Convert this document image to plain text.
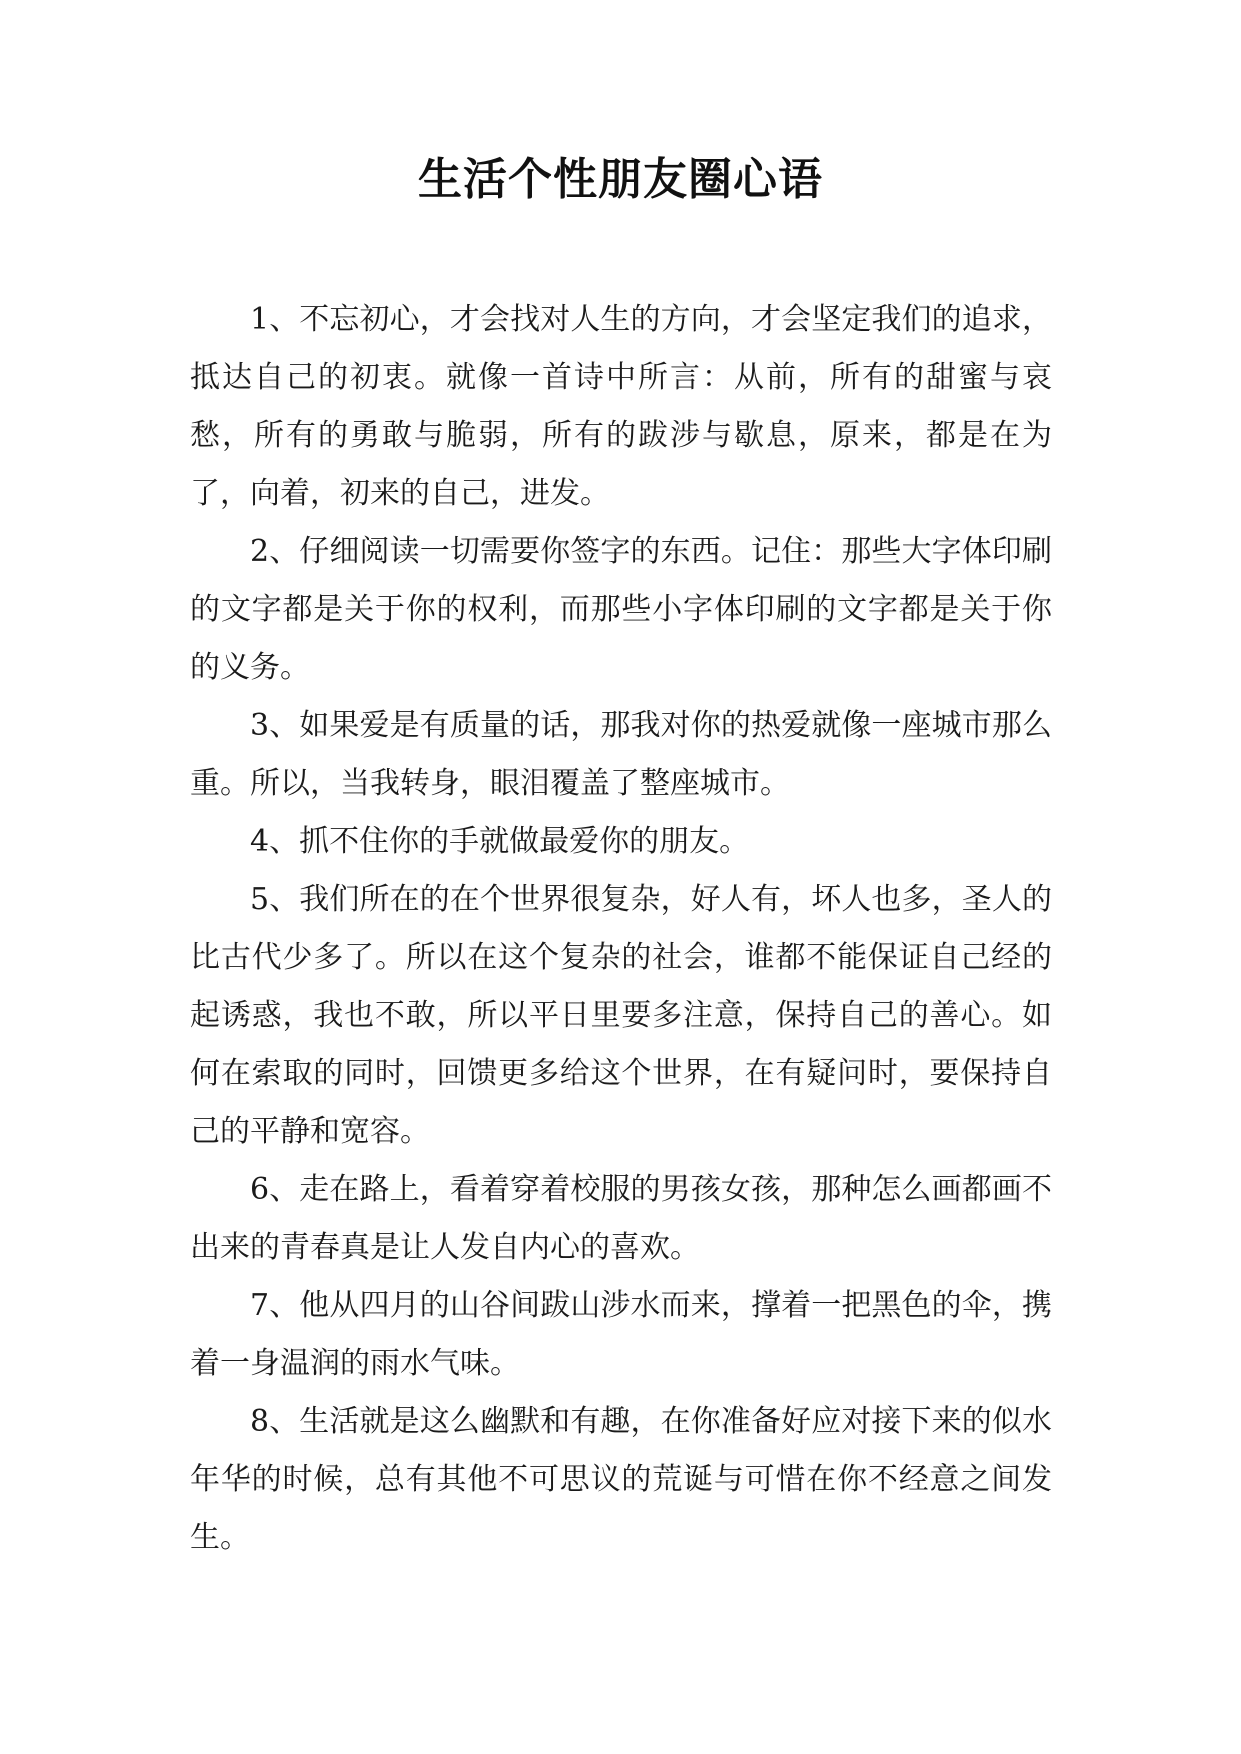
生活个性朋友圈心语

1、不忘初心，才会找对人生的方向，才会坚定我们的追求，抵达自己的初衷。就像一首诗中所言：从前，所有的甜蜜与哀愁，所有的勇敢与脆弱，所有的跋涉与歇息，原来，都是在为了，向着，初来的自己，进发。

2、仔细阅读一切需要你签字的东西。记住：那些大字体印刷的文字都是关于你的权利，而那些小字体印刷的文字都是关于你的义务。

3、如果爱是有质量的话，那我对你的热爱就像一座城市那么重。所以，当我转身，眼泪覆盖了整座城市。

4、抓不住你的手就做最爱你的朋友。

5、我们所在的在个世界很复杂，好人有，坏人也多，圣人的比古代少多了。所以在这个复杂的社会，谁都不能保证自己经的起诱惑，我也不敢，所以平日里要多注意，保持自己的善心。如何在索取的同时，回馈更多给这个世界，在有疑问时，要保持自己的平静和宽容。

6、走在路上，看着穿着校服的男孩女孩，那种怎么画都画不出来的青春真是让人发自内心的喜欢。

7、他从四月的山谷间跋山涉水而来，撑着一把黑色的伞，携着一身温润的雨水气味。

8、生活就是这么幽默和有趣，在你准备好应对接下来的似水年华的时候，总有其他不可思议的荒诞与可惜在你不经意之间发生。
